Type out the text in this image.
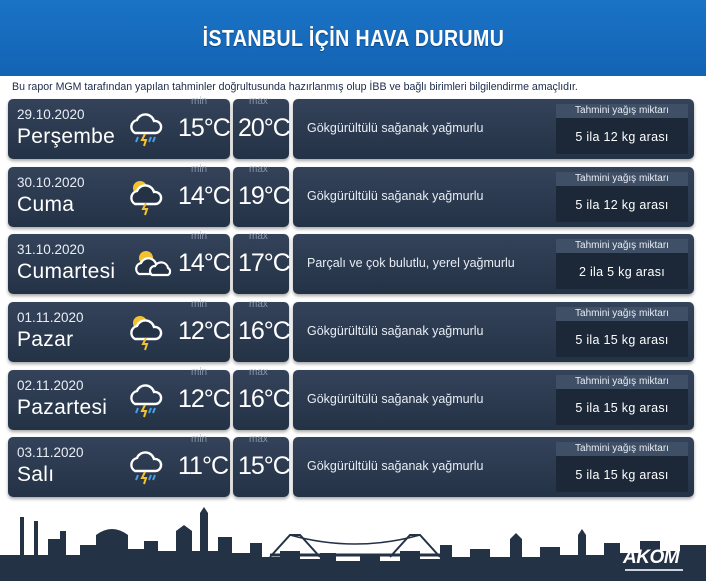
İSTANBUL İÇİN HAVA DURUMU
Bu rapor MGM tarafından yapılan tahminler doğrultusunda hazırlanmış olup İBB ve bağlı birimleri bilgilendirme amaçlıdır.
29.10.2020
Perşembe
min
15°C
max
20°C Gökgürültülü sağanak yağmurlu
Tahmini yağış miktarı
5 ila 12 kg arası
30.10.2020
Cuma
min
14°C
max
19°C Gökgürültülü sağanak yağmurlu
Tahmini yağış miktarı
5 ila 12 kg arası
31.10.2020
Cumartesi
min
14°C
max
17°C Parçalı ve çok bulutlu, yerel yağmurlu
Tahmini yağış miktarı
2 ila 5 kg arası
01.11.2020
Pazar
min
12°C
max
16°C Gökgürültülü sağanak yağmurlu
Tahmini yağış miktarı
5 ila 15 kg arası
02.11.2020
Pazartesi
min
12°C
max
16°C Gökgürültülü sağanak yağmurlu
Tahmini yağış miktarı
5 ila 15 kg arası
03.11.2020
Salı
min
11°C
max
15°C Gökgürültülü sağanak yağmurlu
Tahmini yağış miktarı
5 ila 15 kg arası
AKOM
